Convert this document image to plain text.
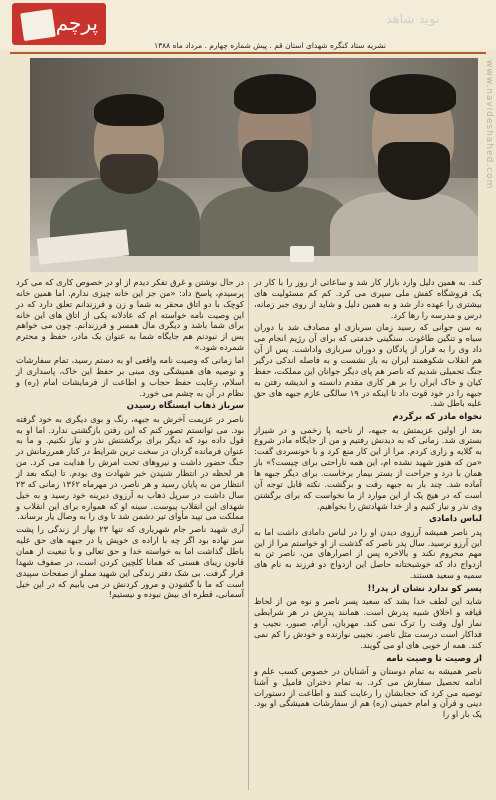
پرچم	نوید شاهد
نشریه ستاد کنگره شهدای استان قم . پیش شماره چهارم . مرداد ماه ۱۳۸۸
www.navideshahed.com

کند. به همین دلیل وارد بازار کار شد و ساعاتی از روز را با کار در یک فروشگاه کفش ملی سپری می کرد. کم کم مسئولیت های بیشتری را عهده دار شد و به همین دلیل و شاید از روی جبر زمانه، درس و مدرسه را رها کرد.

به سن جوانی که رسید زمان سربازی او مصادف شد با دوران سیاه و تنگین طاغوت. سنگینی خدمتی که برای آن رژیم انجام می داد وی را به فرار از پادگان و دوران سربازی واداشت. پس از آن هم انقلاب شکوهمند ایران به بار نشست و به فاصله اندکی درگیر جنگ تحمیلی شدیم که ناصر هم پای دیگر جوانان این مملکت، حفظ کیان و خاک ایران را بر هر کاری مقدم دانسته و اندیشه رفتن به جبهه را در خود قوت داد تا اینکه در ۱۹ سالگی عازم جبهه های حق علیه باطل شد.

نخواه مادر که برگردم

بعد از اولین عزیمتش به جبهه، از ناحیه پا زخمی و در شیراز بستری شد. زمانی که به دیدنش رفتیم و من از جایگاه مادر شروع به گلایه و زاری کردم. مرا از این کار منع کرد و با خونسردی گفت: «من که هنوز شهید نشده ام، این همه ناراحتی برای چیست؟» باز همان با درد و جراحت از بستر بیمار برخاست. برای دیگر جبهه ها آماده شد. چند بار به جبهه رفت و برگشت. نکته قابل توجه آن است که در هیچ یک از این موارد از ما نخواست که برای برگشتن وی نذر و نیاز کنیم و از خدا شهادتش را بخواهیم.

لباس دامادی

پدر ناصر همیشه آرزوی دیدن او را در لباس دامادی داشت اما به این آرزو نرسید. سال پدر ناصر که گذشت از او خواستم مرا از این مهم محروم نکند و بالاخره پس از اصرارهای من، ناصر تن به ازدواج داد که خوشبختانه حاصل این ازدواج دو فرزند به نام های سمیه و سعید هستند.

پسر کو ندارد نشان از پدر!!

شاید این لطف خدا بشد که سعید پسر ناصر و نوه من از لحاظ قیافه و اخلاق شبیه پدرش است. همانند پدرش در هر شرایطی نماز اول وقت را ترک نمی کند. مهربان، آرام، صبور، نجیب و فداکار است درست مثل ناصر. نجیبی نوازنده و خودش را کم نمی کند. همه از خوبی های او می گویند.

از وصیت تا وصیت نامه

ناصر همیشه به تمام دوستان و آشنایان در خصوص کسب علم و ادامه تحصیل سفارش می کرد. به تمام دختران فامیل و آشنا توصیه می کرد که حجابشان را رعایت کنند و اطاعت از دستورات دینی و قرآن و امام خمینی (ره) هم از سفارشات همیشگی او بود. یک بار او را

در حال نوشتن و غرق تفکر دیدم از او در خصوص کاری که می کرد پرسیدم، پاسخ داد: «من جز این خانه چیزی ندارم. اما همین خانه کوچک با دو اتاق محقر به شما و زن و فرزندانم تعلق دارد که در این وصیت نامه خواسته ام که عادلانه یکی از اتاق های این خانه برای شما باشد و دیگری مال همسر و فرزندانم. چون می خواهم پس از نبودنم هم جایگاه شما به عنوان یک مادر، حفظ و محترم شمرده شود.»

اما زمانی که وصیت نامه واقعی او به دستم رسید، تمام سفارشات و توصیه های همیشگی وی مبنی بر حفظ این خاک، پاسداری از اسلام، رعایت حفظ حجاب و اطاعت از فرمایشات امام (ره) و نظام در آن به چشم می خورد.

سرباز ذهاب ایستگاه رسیدن

ناصر در عزیمت آخرش به جبهه، رنگ و بوی دیگری به خود گرفته بود. می توانستم تصور کنم که این رفتن بازگشتی ندارد. اما او به قول داده بود که دیگر برای برگشتنش نذر و نیاز نکنیم. و ما به عنوان فرمانده گردان در سخت ترین شرایط در کنار همرزمانش در جنگ حضور داشت و نیروهای تحت امرش را هدایت می کرد. من هر لحظه در انتظار شنیدن خبر شهادت وی بودم. تا اینکه بعد از انتظار من به پایان رسید و هر ناصر، در مهرماه ۱۳۶۲ زمانی که ۲۳ سال داشت در سرپل ذهاب به آرزوی دیرینه خود رسید و به خیل شهدای این انقلاب پیوست. سینه او که همواره برای این انقلاب و مملکت می تپید مأوای تیر دشمن شد تا وی را به وصال یار برساند.

آری شهید ناصر جام شهریاری که تنها ۲۳ بهار از زندگی را پشت سر نهاده بود اگر چه با اراده ی خویش پا در جبهه های حق علیه باطل گذاشت اما به خواسته خدا و حق تعالی و با تبعیت از همان قانون زیبای هستی که همانا کلچین کردن است، در صفوف شهدا قرار گرفت. بی شک دفتر زندگی این شهید مملو از صفحات سپیدی است که ما با گشودن و مرور کردنش در می یابیم که در این خیل آسمانی، قطره ای بیش نبوده و نیستیم!
